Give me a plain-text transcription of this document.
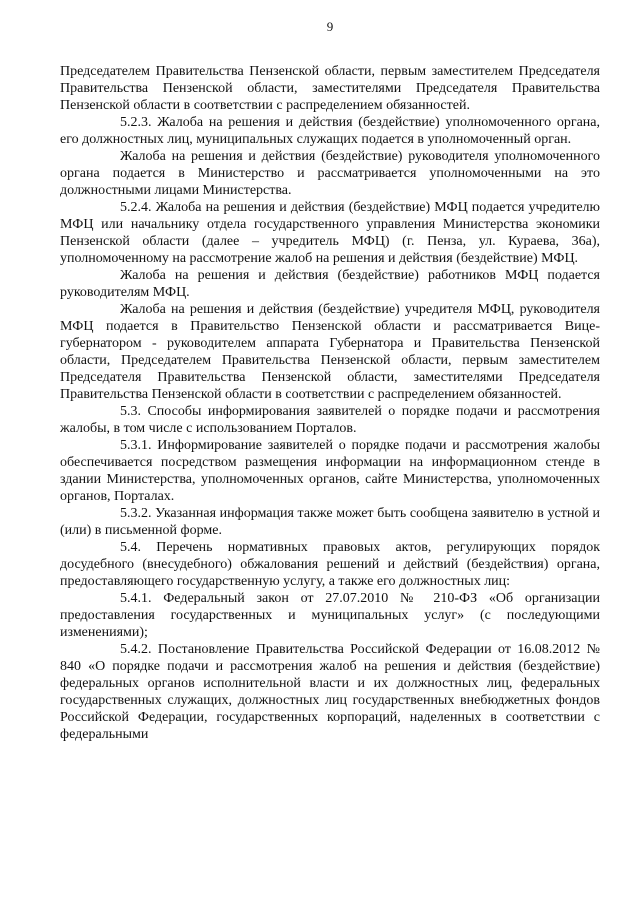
9

Председателем Правительства Пензенской области, первым заместителем Председателя Правительства Пензенской области, заместителями Председателя Правительства Пензенской области в соответствии с распределением обязанностей.

5.2.3. Жалоба на решения и действия (бездействие) уполномоченного органа, его должностных лиц, муниципальных служащих подается в уполномоченный орган.

Жалоба на решения и действия (бездействие) руководителя уполномоченного органа подается в Министерство и рассматривается уполномоченными на это должностными лицами Министерства.

5.2.4. Жалоба на решения и действия (бездействие) МФЦ подается учредителю МФЦ или начальнику отдела государственного управления Министерства экономики Пензенской области (далее – учредитель МФЦ) (г. Пенза, ул. Кураева, 36а), уполномоченному на рассмотрение жалоб на решения и действия (бездействие) МФЦ.

Жалоба на решения и действия (бездействие) работников МФЦ подается руководителям МФЦ.

Жалоба на решения и действия (бездействие) учредителя МФЦ, руководителя МФЦ подается в Правительство Пензенской области и рассматривается Вице-губернатором - руководителем аппарата Губернатора и Правительства Пензенской области, Председателем Правительства Пензенской области, первым заместителем Председателя Правительства Пензенской области, заместителями Председателя Правительства Пензенской области в соответствии с распределением обязанностей.

5.3. Способы информирования заявителей о порядке подачи и рассмотрения жалобы, в том числе с использованием Порталов.

5.3.1. Информирование заявителей о порядке подачи и рассмотрения жалобы обеспечивается посредством размещения информации на информационном стенде в здании Министерства, уполномоченных органов, сайте Министерства, уполномоченных органов, Порталах.

5.3.2. Указанная информация также может быть сообщена заявителю в устной и (или) в письменной форме.

5.4. Перечень нормативных правовых актов, регулирующих порядок досудебного (внесудебного) обжалования решений и действий (бездействия) органа, предоставляющего государственную услугу, а также его должностных лиц:

5.4.1. Федеральный закон от 27.07.2010 № 210-ФЗ «Об организации предоставления государственных и муниципальных услуг» (с последующими изменениями);

5.4.2. Постановление Правительства Российской Федерации от 16.08.2012 № 840 «О порядке подачи и рассмотрения жалоб на решения и действия (бездействие) федеральных органов исполнительной власти и их должностных лиц, федеральных государственных служащих, должностных лиц государственных внебюджетных фондов Российской Федерации, государственных корпораций, наделенных в соответствии с федеральными
